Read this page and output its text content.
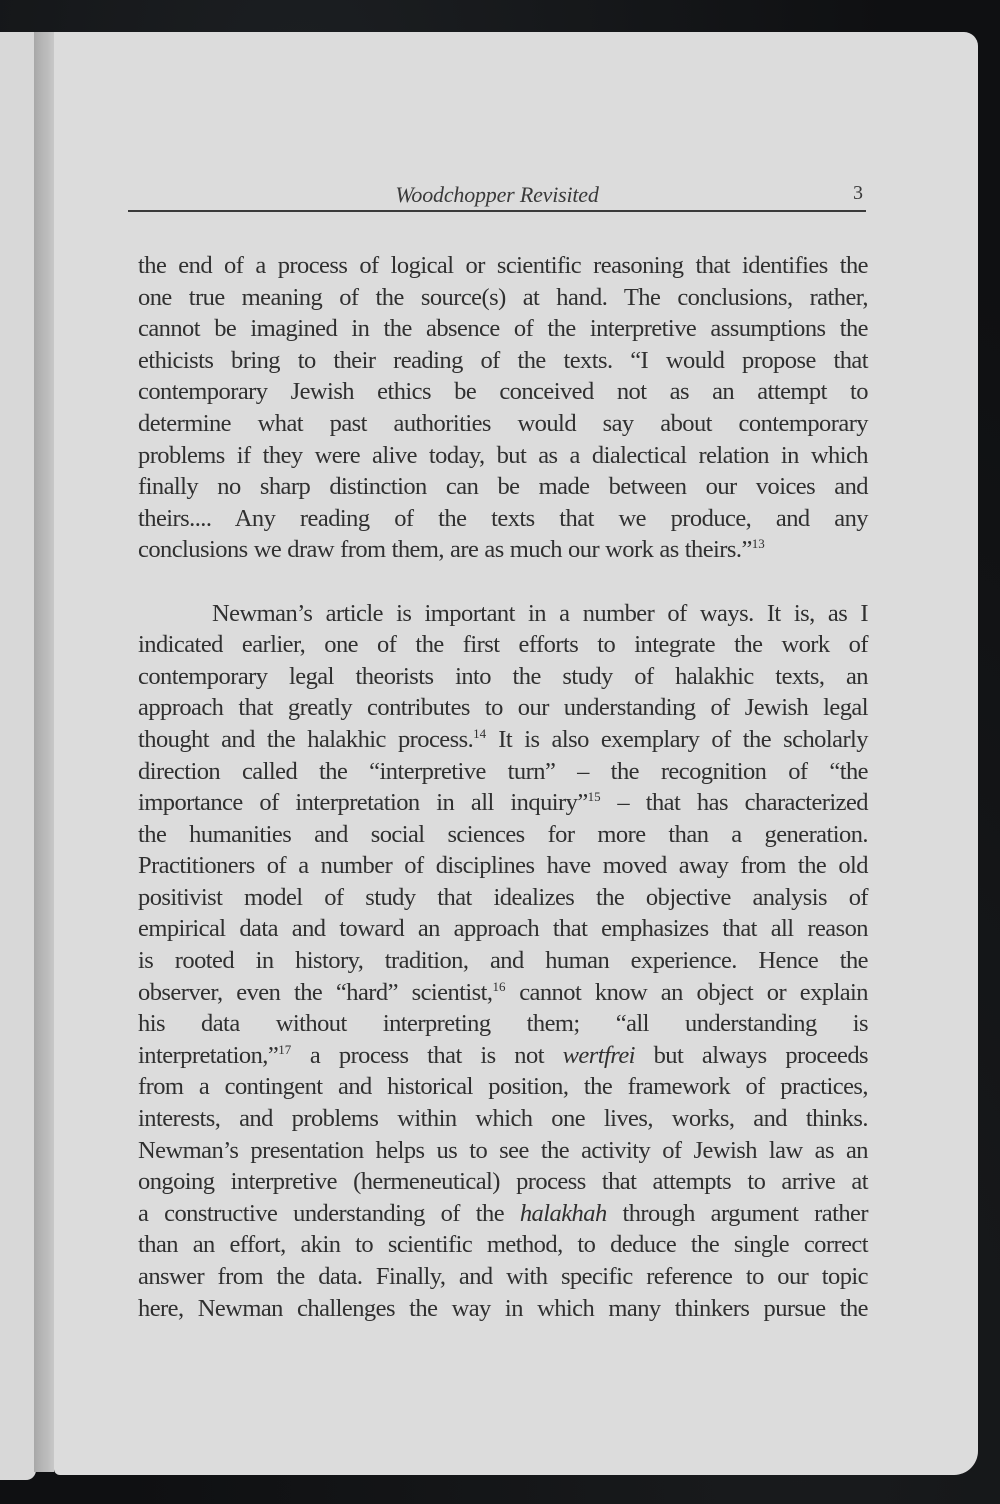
Woodchopper Revisited	3
the end of a process of logical or scientific reasoning that identifies the
one true meaning of the source(s) at hand. The conclusions, rather,
cannot be imagined in the absence of the interpretive assumptions the
ethicists bring to their reading of the texts. “I would propose that
contemporary Jewish ethics be conceived not as an attempt to
determine what past authorities would say about contemporary
problems if they were alive today, but as a dialectical relation in which
finally no sharp distinction can be made between our voices and
theirs.... Any reading of the texts that we produce, and any
conclusions we draw from them, are as much our work as theirs.”$^{13}$
Newman’s article is important in a number of ways. It is, as I
indicated earlier, one of the first efforts to integrate the work of
contemporary legal theorists into the study of halakhic texts, an
approach that greatly contributes to our understanding of Jewish legal
thought and the halakhic process.$^{14}$ It is also exemplary of the scholarly
direction called the “interpretive turn” – the recognition of “the
importance of interpretation in all inquiry”$^{15}$ – that has characterized
the humanities and social sciences for more than a generation.
Practitioners of a number of disciplines have moved away from the old
positivist model of study that idealizes the objective analysis of
empirical data and toward an approach that emphasizes that all reason
is rooted in history, tradition, and human experience. Hence the
observer, even the “hard” scientist,$^{16}$ cannot know an object or explain
his data without interpreting them; “all understanding is
interpretation,”$^{17}$ a process that is not wertfrei but always proceeds
from a contingent and historical position, the framework of practices,
interests, and problems within which one lives, works, and thinks.
Newman’s presentation helps us to see the activity of Jewish law as an
ongoing interpretive (hermeneutical) process that attempts to arrive at
a constructive understanding of the halakhah through argument rather
than an effort, akin to scientific method, to deduce the single correct
answer from the data. Finally, and with specific reference to our topic
here, Newman challenges the way in which many thinkers pursue the
